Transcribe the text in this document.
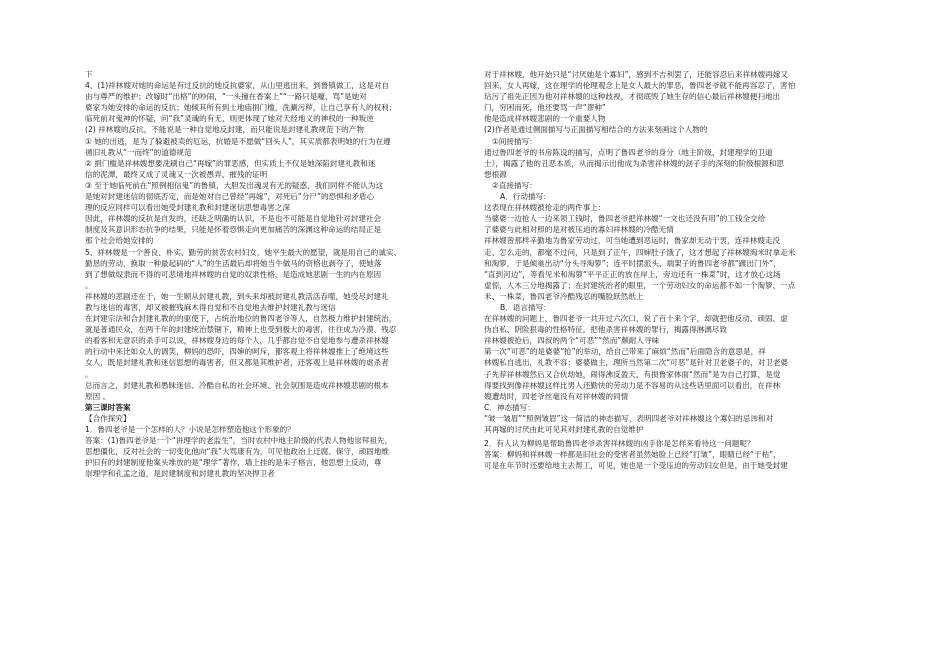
下
4、(1)祥林嫂对她的命运是有过反抗的她反抗婆家，从山里逃出来，到鲁镇做工，这是对自
由与尊严的维护；改嫁时“出格”的吵闹，“一头撞在香案上”“一路只是嚎、骂”是她对
婆家为她安排的命运的反抗；她倾其所有到土地庙捐门槛，洗涮污秽，让自己享有人的权利；
临死前对鬼神的怀疑，问“我”灵魂的有无，则更体现了她对天经地义的神权的一种叛逆
(2) 祥林嫂的反抗，不能说是一种自觉地反封建，而只能说是封建礼教规范下的产物
① 她的出逃，是为了躲避被卖的厄运，抗婚是不愿做“回头人”，其实质都表明她的行为在遵
循旧礼教从“一而终”的道德规范
② 捐门槛是祥林嫂想要洗刷自己“再嫁”的罪恶感，但实质上不仅是她深陷封建礼教和迷
信的泥潭，最终又成了灵魂又一次被愚弄、摧残的证明
③ 至于她临死前在“照例相信鬼”的鲁镇，大胆发出魂灵有无的疑惑，我们同样不能认为这
是她对封建迷信的彻底否定，而是她对自己曾经“再嫁”，对死后“分尸”的恐惧和矛盾心
理的反应同样可以看出她受封建礼教和封建迷信思想毒害之深
因此，祥林嫂的反抗是自发的，还缺乏明确的认识，不是也不可能是自觉地针对封建社会
制度及其意识形态抗争的结果，只能是怀着恐惧走向更加痛苦的深渊这种命运的结局正是
那个社会给她安排的
5、祥林嫂是一个善良、朴实、勤劳的贫苦农村妇女，她平生最大的愿望，就是用自己的诚实、
勤恳的劳动，换取一种最起码的“人”的生活最后却将她当牛做马的资格也剥夺了，使她落
到了想做奴隶而不得的可悲境地祥林嫂的自觉的奴隶性格，是造成她悲剧一生的内在原因
。
祥林嫂的悲剧还在于，她一生顺从封建礼教，到头来却被封建礼教活活吞噬，她受尽封建礼
教与迷信的毒害，却又被摧残麻木得自觉和不自觉地去维护封建礼教与迷信
在封建宗法和合封建礼教的的驱使下，占统治地位的鲁四老爷等人，自然极力维护封建统治，
就是普通民众，在两千年的封建统治禁锢下，精神上也受到极大的毒害，往往成为冷漠、残忍
的看客和无意识的杀手可以说，祥林嫂身边的每个人，几乎都自觉不自觉地参与遭杀祥林嫂
的行动中来比如众人的调笑，柳妈的恐吓，四婶的呵斥，都客观上将祥林嫂推上了绝境这些
女人，既是封建礼教和迷信思想的毒害者，但又都是其维护者，还客观上是祥林嫂的虐杀者
。
总而言之，封建礼教和愚昧迷信、冷酷自私的社会环境、社会氛围是造成祥林嫂悲剧的根本
原因 。
第三课时答案
【合作探究】
1．鲁四老爷是一个怎样的人？小说是怎样塑造他这个形象的？
答案：(1)鲁四老爷是一个“讲理学的老监生”，当时农村中地主阶级的代表人物他崇拜祖先，
思想僵化，反对社会的一切变化他向“我”大骂康有为，可见他政治上迂腐、保守，顽固地维
护旧有的封建制度他案头堆放的是“理学”著作，墙上挂的是朱子格言，他思想上反动，尊
崇理学和孔孟之道，是封建制度和封建礼教的坚决捍卫者
对于祥林嫂，他开始只是“讨厌她是个寡妇”，感到不吉利罢了，还能容忍后来祥林嫂再嫁又
回来，女人再嫁，这在理学的伦理观念上是女人最大的罪恶，鲁四老爷就不能再容忍了，害怕
玷污了祖先正因为他对祥林嫂的这种歧视，才彻底毁了她生存的信心最后祥林嫂便扫地出
门，穷困而死，他还要骂一声“谬种”
他是造成祥林嫂悲剧的一个重要人物
(2)作者是通过侧面描写与正面描写相结合的方法来刻画这个人物的
①间接描写：
通过鲁四老爷的书房陈设的描写，点明了鲁四老爷的身分（地主阶级、封建理学的卫道
士），揭露了他的丑恶本质，从而揭示出他成为杀害祥林嫂的刽子手的深刻的阶级根源和思
想根源
②直接描写：
A．行动描写：
这表现在祥林嫂被抢走的两件事上：
当婆婆一边抢人一边来领工钱时，鲁四老爷把祥林嫂“一文也还没有用”的工钱全交给
了婆婆与此相对照的是对被压迫的寡妇祥林嫂的冷酷无情
祥林嫂曾那样辛勤地为鲁家劳动过，可当她遭到恶运时，鲁家却无动于衷，连祥林嫂走没
走、怎么走的，都毫不过问，只是到了正午，四婶肚子饿了，这才想起了祥林嫂淘米时拿走米
和淘箩，于是倾巢出动“分头寻淘箩”；连平时摆派头、端架子的鲁四老爷都“踱出门外”，
“直到河边”，等看见米和淘箩“平平正正的放在岸上，旁边还有一株菜”时，这才放心这场
虚惊，人木三分地揭露了；在封建统治者的眼里，一个劳动妇女的命运都不如一个淘箩、一点
米、一株菜，鲁四老爷冷酷残忍的嘴脸跃然纸上
B．语言描写：
在祥林嫂的问题上，鲁四老爷一共开过六次口，说了百十来个字，却就把他反动、顽固、虚
伪自私、阴险狠毒的性格特征，把他杀害祥林嫂的罪行，揭露得淋漓尽致
祥林嫂被抢后，四叔的两个“可恶”“然而”颇耐人寻味
第一次“可恶”的是婆婆“抢”的举动，给自己带来了麻烦“然而”后面隐含的意思是，祥
林嫂私自逃出，礼教不容；婆婆做主，理所当然第二次“可恶”是针对卫老婆子的，对卫老婆
子先荐祥林嫂然后又合伙劫她，闹得沸反盈天，有损鲁家体面“然而”是为自己打算，是觉
得要找到像祥林嫂这样比男人还勤快的劳动力是不容易的从这些话里面可以看出，在祥林
嫂遭劫时，四老爷丝毫没有对祥林嫂的同情
C．神态描写：
“皱一皱眉”“照例皱眉”这一简洁的神态描写，表明四老爷对祥林嫂这个寡妇的忌讳和对
其再嫁的讨厌由此可见其对封建礼教的自觉维护
2．有人认为柳妈是帮助鲁四老爷杀害祥林嫂的凶手你是怎样来看待这一问题呢？
答案：柳妈和祥林嫂一样都是旧社会的受害者虽然她脸上已经“打皱”，眼睛已经“干枯”，
可是在年节时还要给地主去帮工，可见，她也是一个受压迫的劳动妇女但是，由于她受封建
